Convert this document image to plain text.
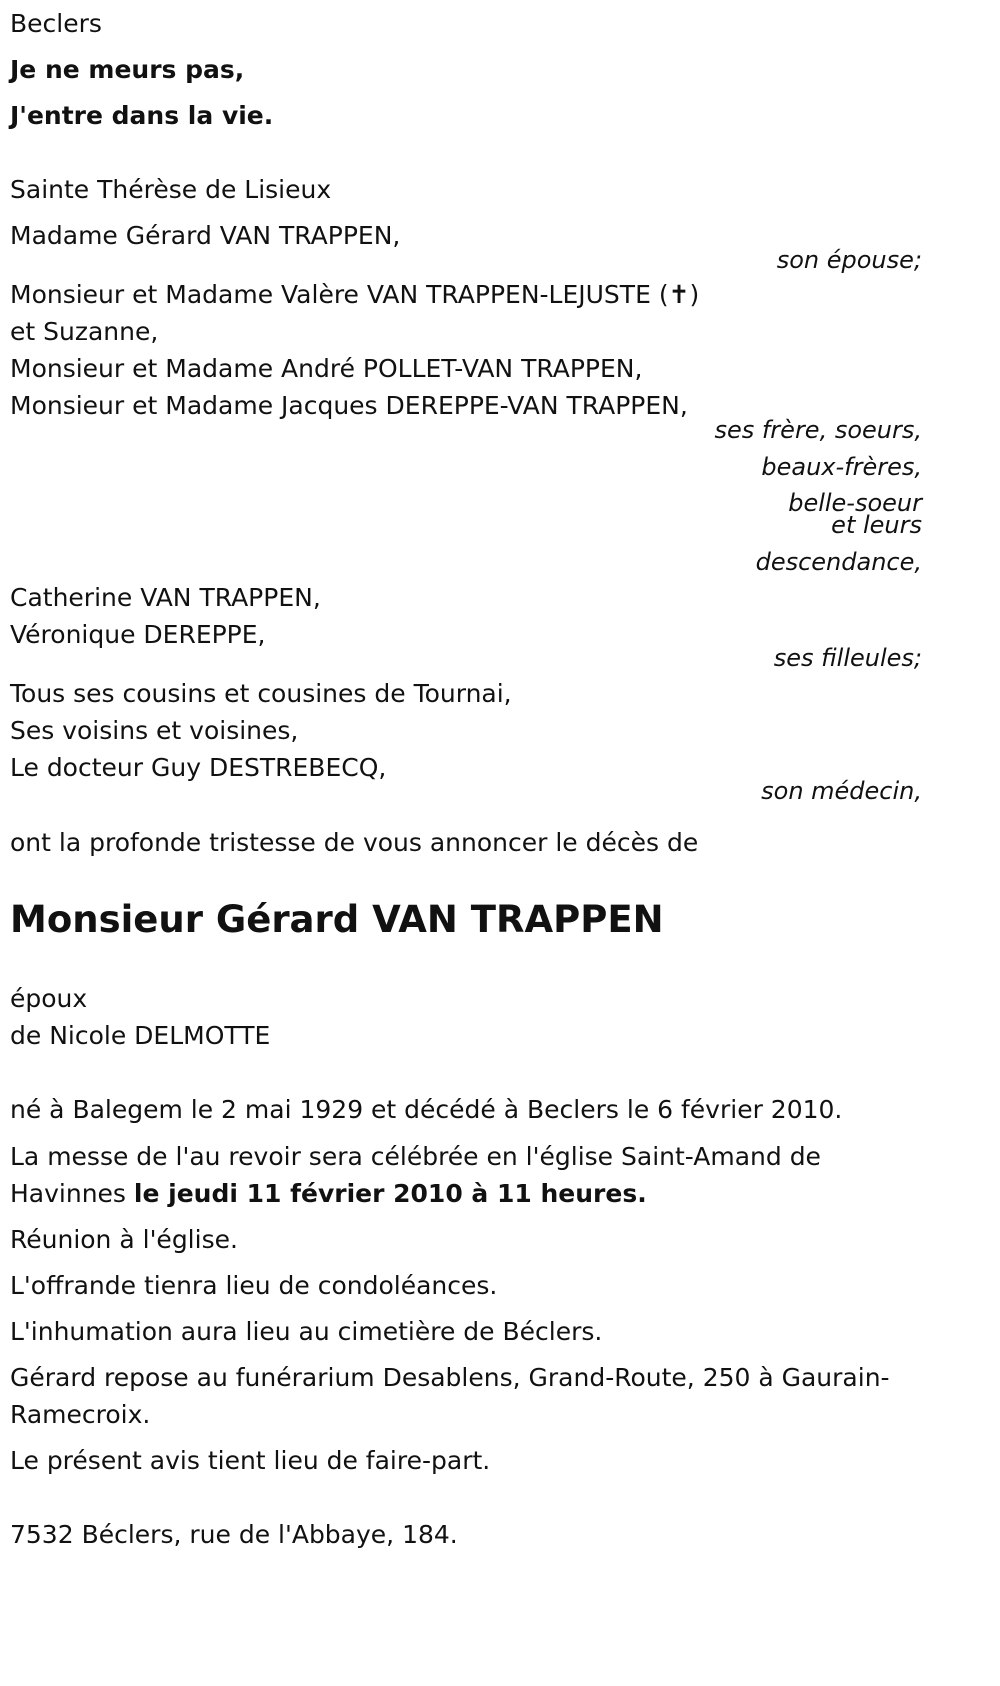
Beclers
Je ne meurs pas,
J'entre dans la vie.
Sainte Thérèse de Lisieux
Madame Gérard VAN TRAPPEN,
son épouse;
Monsieur et Madame Valère VAN TRAPPEN-LEJUSTE (✝)
et Suzanne,
Monsieur et Madame André POLLET-VAN TRAPPEN,
Monsieur et Madame Jacques DEREPPE-VAN TRAPPEN,
ses frère, soeurs,
beaux-frères,
belle-soeur
et leurs
descendance,
Catherine VAN TRAPPEN,
Véronique DEREPPE,
ses filleules;
Tous ses cousins et cousines de Tournai,
Ses voisins et voisines,
Le docteur Guy DESTREBECQ,
son médecin,
ont la profonde tristesse de vous annoncer le décès de
Monsieur Gérard VAN TRAPPEN
époux
de Nicole DELMOTTE
né à Balegem le 2 mai 1929 et décédé à Beclers le 6 février 2010.
La messe de l'au revoir sera célébrée en l'église Saint-Amand de
Havinnes le jeudi 11 février 2010 à 11 heures.
Réunion à l'église.
L'offrande tienra lieu de condoléances.
L'inhumation aura lieu au cimetière de Béclers.
Gérard repose au funérarium Desablens, Grand-Route, 250 à Gaurain-
Ramecroix.
Le présent avis tient lieu de faire-part.
7532 Béclers, rue de l'Abbaye, 184.
